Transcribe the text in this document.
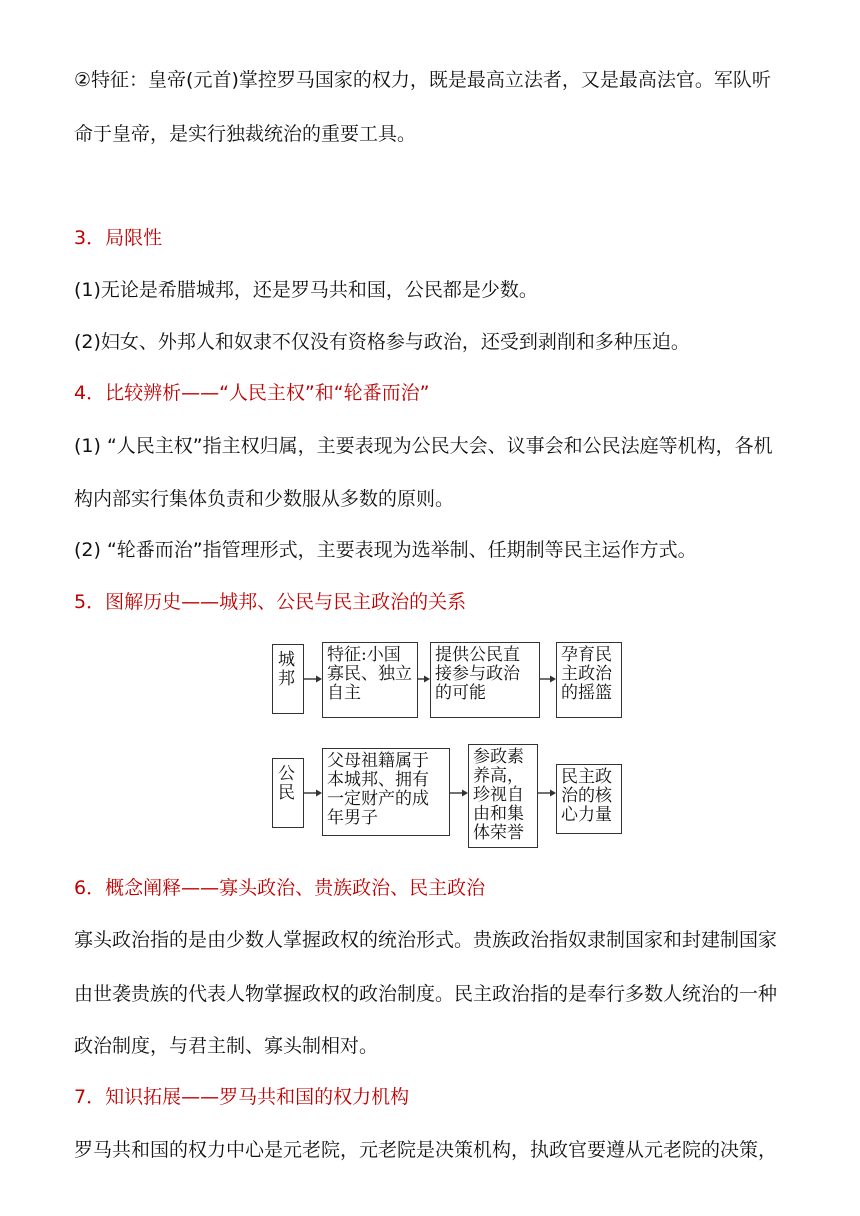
②特征：皇帝(元首)掌控罗马国家的权力，既是最高立法者，又是最高法官。军队听
命于皇帝，是实行独裁统治的重要工具。
3．局限性
(1)无论是希腊城邦，还是罗马共和国，公民都是少数。
(2)妇女、外邦人和奴隶不仅没有资格参与政治，还受到剥削和多种压迫。
4．比较辨析——“人民主权”和“轮番而治”
(1) “人民主权”指主权归属，主要表现为公民大会、议事会和公民法庭等机构，各机
构内部实行集体负责和少数服从多数的原则。
(2) “轮番而治”指管理形式，主要表现为选举制、任期制等民主运作方式。
5．图解历史——城邦、公民与民主政治的关系
城邦
特征:小国寡民、独立自主
提供公民直接参与政治的可能
孕育民主政治的摇篮
公民
父母祖籍属于本城邦、拥有一定财产的成年男子
参政素养高，珍视自由和集体荣誉
民主政治的核心力量
6．概念阐释——寡头政治、贵族政治、民主政治
寡头政治指的是由少数人掌握政权的统治形式。贵族政治指奴隶制国家和封建制国家
由世袭贵族的代表人物掌握政权的政治制度。民主政治指的是奉行多数人统治的一种
政治制度，与君主制、寡头制相对。
7．知识拓展——罗马共和国的权力机构
罗马共和国的权力中心是元老院，元老院是决策机构，执政官要遵从元老院的决策，
